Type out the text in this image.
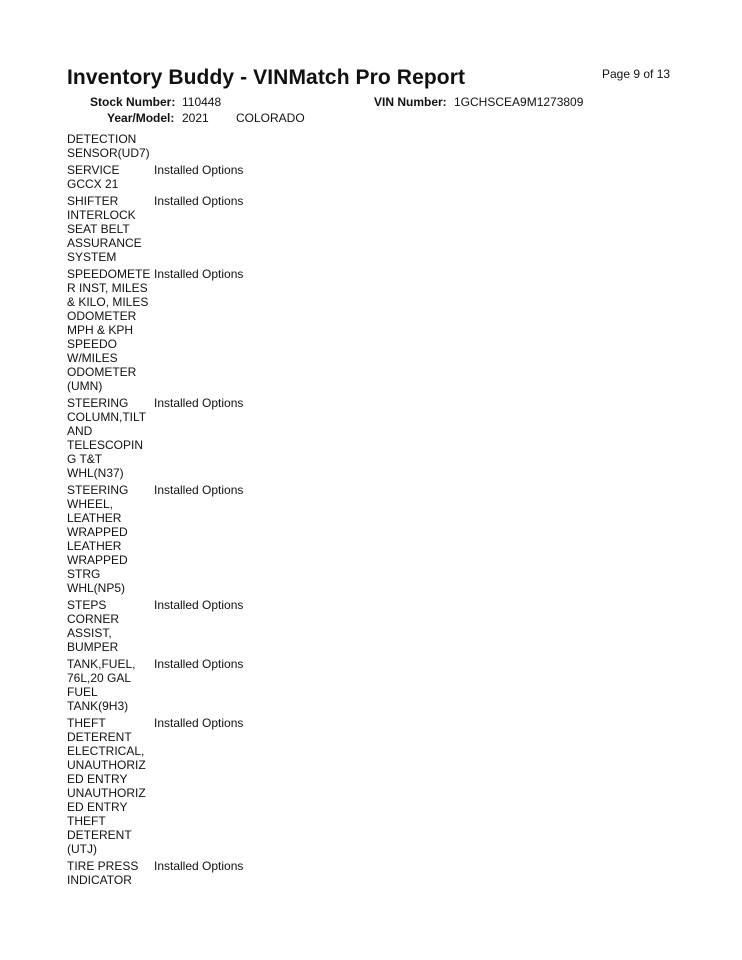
Inventory Buddy - VINMatch Pro Report	Page 9 of 13
Stock Number: 110448	VIN Number: 1GCHSCEA9M1273809
Year/Model: 2021 COLORADO
DETECTION
SENSOR(UD7)
SERVICE
GCCX 21
Installed Options
SHIFTER
INTERLOCK
SEAT BELT
ASSURANCE
SYSTEM
Installed Options
SPEEDOMETE
R INST, MILES
& KILO, MILES
ODOMETER
MPH & KPH
SPEEDO
W/MILES
ODOMETER
(UMN)
Installed Options
STEERING
COLUMN,TILT
AND
TELESCOPIN
G T&T
WHL(N37)
Installed Options
STEERING
WHEEL,
LEATHER
WRAPPED
LEATHER
WRAPPED
STRG
WHL(NP5)
Installed Options
STEPS
CORNER
ASSIST,
BUMPER
Installed Options
TANK,FUEL,
76L,20 GAL
FUEL
TANK(9H3)
Installed Options
THEFT
DETERENT
ELECTRICAL,
UNAUTHORIZ
ED ENTRY
UNAUTHORIZ
ED ENTRY
THEFT
DETERENT
(UTJ)
Installed Options
TIRE PRESS
INDICATOR
Installed Options
